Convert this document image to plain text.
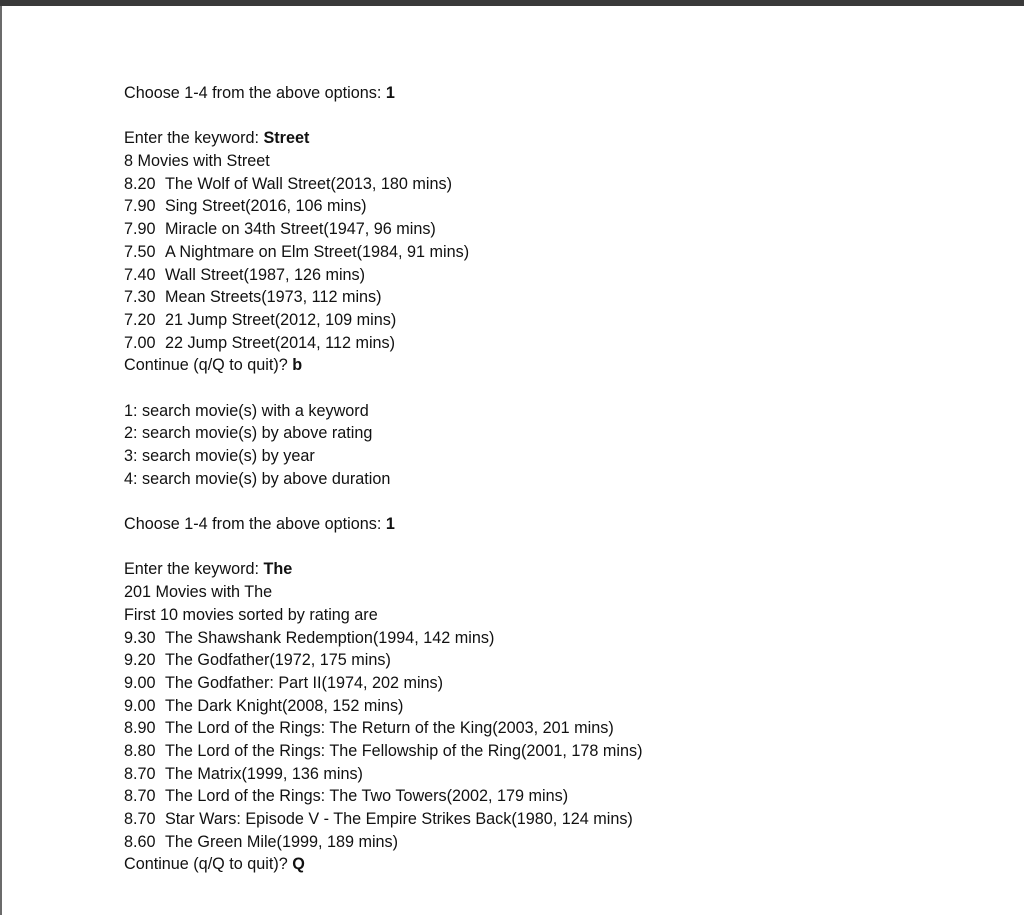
Choose 1-4 from the above options: 1
Enter the keyword: Street
8 Movies with Street
8.20 The Wolf of Wall Street(2013, 180 mins)
7.90 Sing Street(2016, 106 mins)
7.90 Miracle on 34th Street(1947, 96 mins)
7.50 A Nightmare on Elm Street(1984, 91 mins)
7.40 Wall Street(1987, 126 mins)
7.30 Mean Streets(1973, 112 mins)
7.20 21 Jump Street(2012, 109 mins)
7.00 22 Jump Street(2014, 112 mins)
Continue (q/Q to quit)? b
1: search movie(s) with a keyword
2: search movie(s) by above rating
3: search movie(s) by year
4: search movie(s) by above duration
Choose 1-4 from the above options: 1
Enter the keyword: The
201 Movies with The
First 10 movies sorted by rating are
9.30 The Shawshank Redemption(1994, 142 mins)
9.20 The Godfather(1972, 175 mins)
9.00 The Godfather: Part II(1974, 202 mins)
9.00 The Dark Knight(2008, 152 mins)
8.90 The Lord of the Rings: The Return of the King(2003, 201 mins)
8.80 The Lord of the Rings: The Fellowship of the Ring(2001, 178 mins)
8.70 The Matrix(1999, 136 mins)
8.70 The Lord of the Rings: The Two Towers(2002, 179 mins)
8.70 Star Wars: Episode V - The Empire Strikes Back(1980, 124 mins)
8.60 The Green Mile(1999, 189 mins)
Continue (q/Q to quit)? Q
